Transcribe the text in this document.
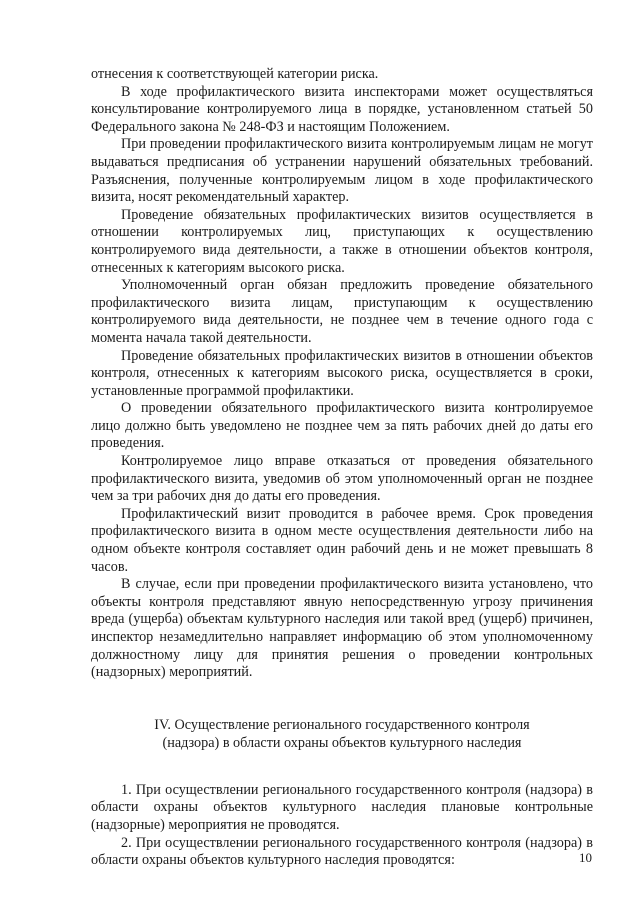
отнесения к соответствующей категории риска.

В ходе профилактического визита инспекторами может осуществляться консультирование контролируемого лица в порядке, установленном статьей 50 Федерального закона № 248-ФЗ и настоящим Положением.

При проведении профилактического визита контролируемым лицам не могут выдаваться предписания об устранении нарушений обязательных требований. Разъяснения, полученные контролируемым лицом в ходе профилактического визита, носят рекомендательный характер.

Проведение обязательных профилактических визитов осуществляется в отношении контролируемых лиц, приступающих к осуществлению контролируемого вида деятельности, а также в отношении объектов контроля, отнесенных к категориям высокого риска.

Уполномоченный орган обязан предложить проведение обязательного профилактического визита лицам, приступающим к осуществлению контролируемого вида деятельности, не позднее чем в течение одного года с момента начала такой деятельности.

Проведение обязательных профилактических визитов в отношении объектов контроля, отнесенных к категориям высокого риска, осуществляется в сроки, установленные программой профилактики.

О проведении обязательного профилактического визита контролируемое лицо должно быть уведомлено не позднее чем за пять рабочих дней до даты его проведения.

Контролируемое лицо вправе отказаться от проведения обязательного профилактического визита, уведомив об этом уполномоченный орган не позднее чем за три рабочих дня до даты его проведения.

Профилактический визит проводится в рабочее время. Срок проведения профилактического визита в одном месте осуществления деятельности либо на одном объекте контроля составляет один рабочий день и не может превышать 8 часов.

В случае, если при проведении профилактического визита установлено, что объекты контроля представляют явную непосредственную угрозу причинения вреда (ущерба) объектам культурного наследия или такой вред (ущерб) причинен, инспектор незамедлительно направляет информацию об этом уполномоченному должностному лицу для принятия решения о проведении контрольных (надзорных) мероприятий.

IV. Осуществление регионального государственного контроля
(надзора) в области охраны объектов культурного наследия

1. При осуществлении регионального государственного контроля (надзора) в области охраны объектов культурного наследия плановые контрольные (надзорные) мероприятия не проводятся.

2. При осуществлении регионального государственного контроля (надзора) в области охраны объектов культурного наследия проводятся:	10
